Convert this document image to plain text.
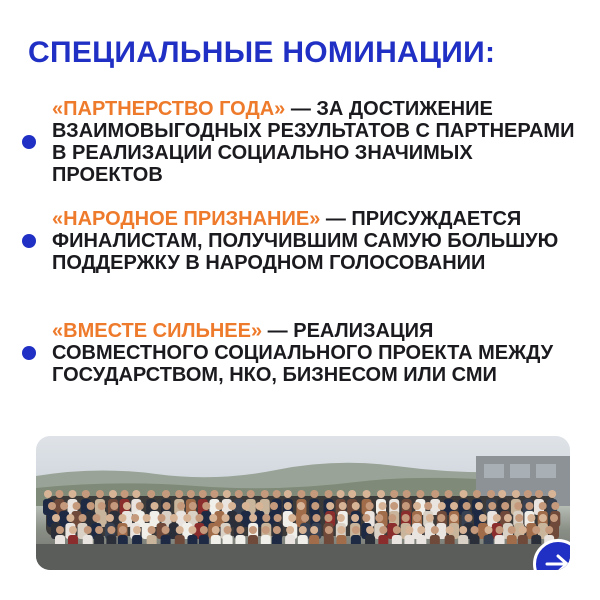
СПЕЦИАЛЬНЫЕ НОМИНАЦИИ:
«ПАРТНЕРСТВО ГОДА» — ЗА ДОСТИЖЕНИЕ ВЗАИМОВЫГОДНЫХ РЕЗУЛЬТАТОВ С ПАРТНЕРАМИ В РЕАЛИЗАЦИИ СОЦИАЛЬНО ЗНАЧИМЫХ ПРОЕКТОВ
«НАРОДНОЕ ПРИЗНАНИЕ» — ПРИСУЖДАЕТСЯ ФИНАЛИСТАМ, ПОЛУЧИВШИМ САМУЮ БОЛЬШУЮ ПОДДЕРЖКУ В НАРОДНОМ ГОЛОСОВАНИИ
«ВМЕСТЕ СИЛЬНЕЕ» — РЕАЛИЗАЦИЯ СОВМЕСТНОГО СОЦИАЛЬНОГО ПРОЕКТА МЕЖДУ ГОСУДАРСТВОМ, НКО, БИЗНЕСОМ ИЛИ СМИ
